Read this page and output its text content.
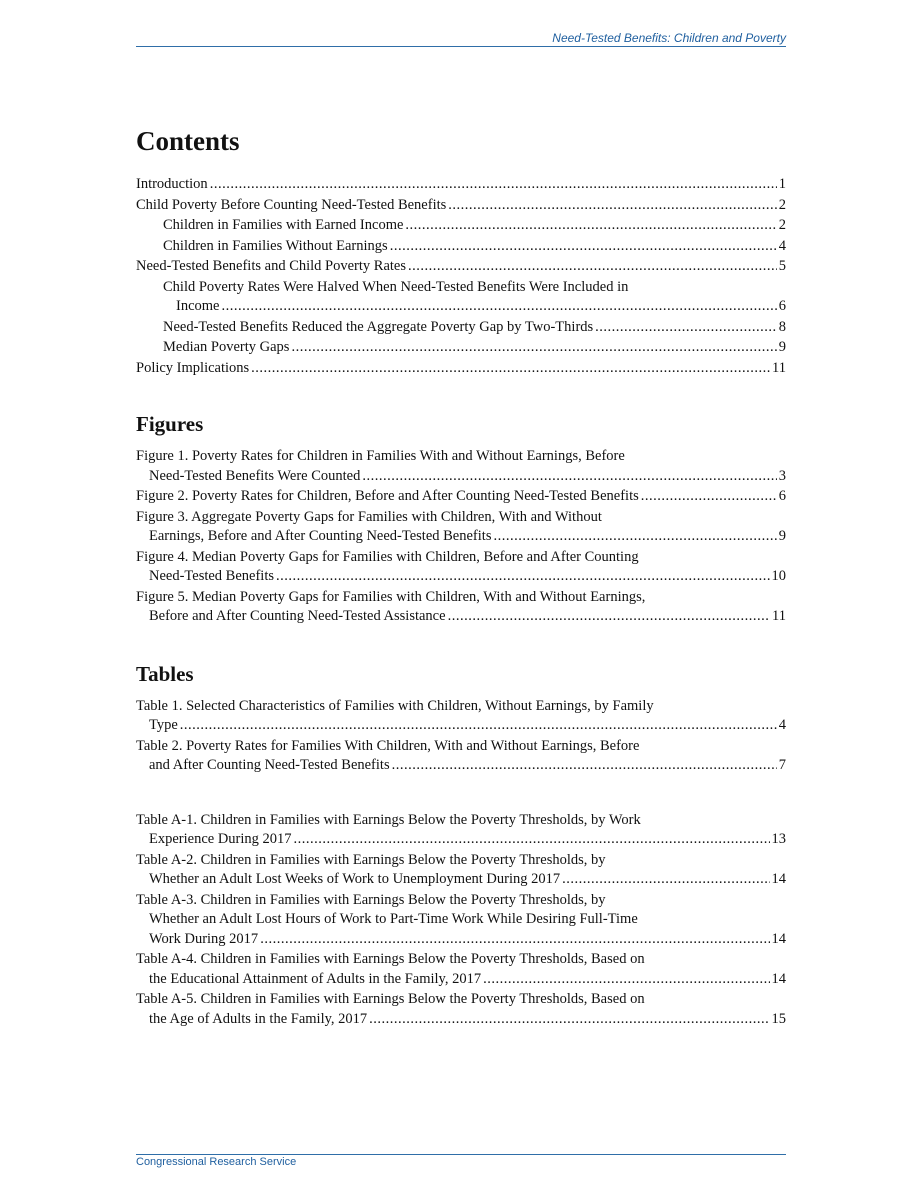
Need-Tested Benefits: Children and Poverty
Contents
Introduction .....	1
Child Poverty Before Counting Need-Tested Benefits .....	2
Children in Families with Earned Income .....	2
Children in Families Without Earnings .....	4
Need-Tested Benefits and Child Poverty Rates .....	5
Child Poverty Rates Were Halved When Need-Tested Benefits Were Included in
Income .....	6
Need-Tested Benefits Reduced the Aggregate Poverty Gap by Two-Thirds .....	8
Median Poverty Gaps .....	9
Policy Implications .....	11
Figures
Figure 1. Poverty Rates for Children in Families With and Without Earnings, Before
Need-Tested Benefits Were Counted .....	3
Figure 2. Poverty Rates for Children, Before and After Counting Need-Tested Benefits .....	6
Figure 3. Aggregate Poverty Gaps for Families with Children, With and Without
Earnings, Before and After Counting Need-Tested Benefits .....	9
Figure 4. Median Poverty Gaps for Families with Children, Before and After Counting
Need-Tested Benefits .....	10
Figure 5. Median Poverty Gaps for Families with Children, With and Without Earnings,
Before and After Counting Need-Tested Assistance .....	11
Tables
Table 1. Selected Characteristics of Families with Children, Without Earnings, by Family
Type .....	4
Table 2. Poverty Rates for Families With Children, With and Without Earnings, Before
and After Counting Need-Tested Benefits .....	7
Table A-1. Children in Families with Earnings Below the Poverty Thresholds, by Work
Experience During 2017 .....	13
Table A-2. Children in Families with Earnings Below the Poverty Thresholds, by
Whether an Adult Lost Weeks of Work to Unemployment During 2017 .....	14
Table A-3. Children in Families with Earnings Below the Poverty Thresholds, by
Whether an Adult Lost Hours of Work to Part-Time Work While Desiring Full-Time
Work During 2017 .....	14
Table A-4. Children in Families with Earnings Below the Poverty Thresholds, Based on
the Educational Attainment of Adults in the Family, 2017 .....	14
Table A-5. Children in Families with Earnings Below the Poverty Thresholds, Based on
the Age of Adults in the Family, 2017 .....	15
Congressional Research Service
